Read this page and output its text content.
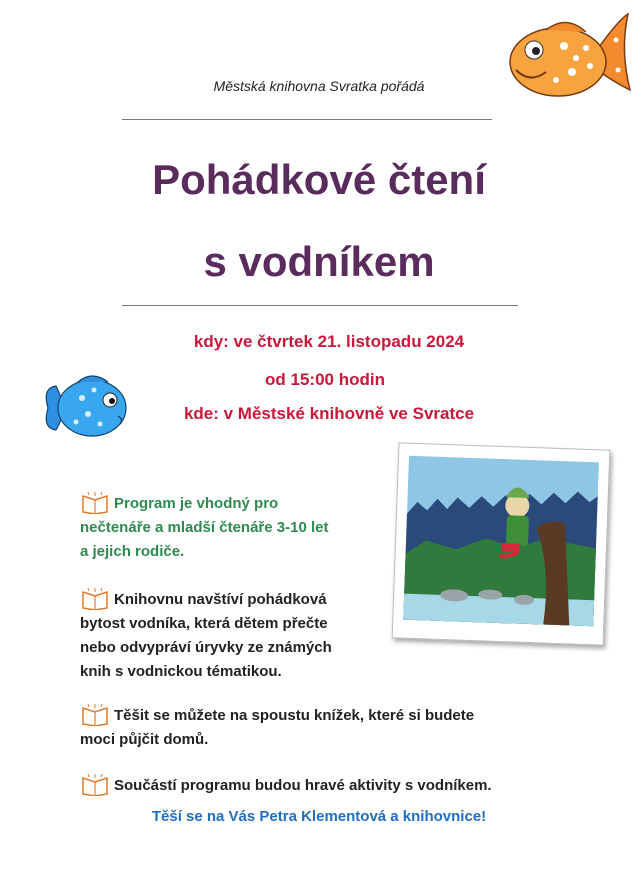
Městská knihovna Svratka pořádá
Pohádkové čtení
s vodníkem
kdy: ve čtvrtek 21. listopadu 2024
od 15:00 hodin
kde: v Městské knihovně ve Svratce
Program je vhodný pro
nečtenáře a mladší čtenáře 3-10 let
a jejich rodiče.
Knihovnu navštíví pohádková
bytost vodníka, která dětem přečte
nebo odvypráví úryvky ze známých
knih s vodnickou tématikou.
Těšit se můžete na spoustu knížek, které si budete
moci půjčit domů.
Součástí programu budou hravé aktivity s vodníkem.
Těší se na Vás Petra Klementová a knihovnice!
